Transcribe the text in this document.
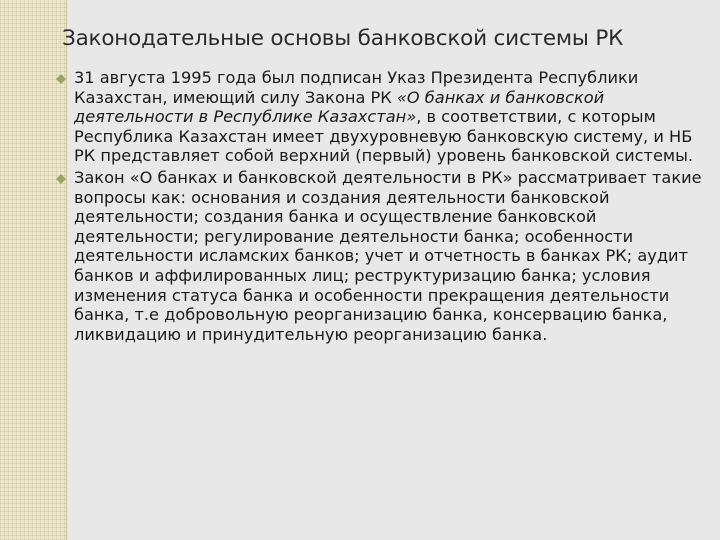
Законодательные основы банковской системы РК

31 августа 1995 года был подписан Указ Президента Республики Казахстан, имеющий силу Закона РК «О банках и банковской деятельности в Республике Казахстан», в соответствии, с которым Республика Казахстан имеет двухуровневую банковскую систему, и НБ РК представляет собой верхний (первый) уровень банковской системы.

Закон «О банках и банковской деятельности в РК» рассматривает такие вопросы как: основания и создания деятельности банковской деятельности; создания банка и осуществление банковской деятельности; регулирование деятельности банка; особенности деятельности исламских банков; учет и отчетность в банках РК; аудит банков и аффилированных лиц; реструктуризацию банка; условия изменения статуса банка и особенности прекращения деятельности банка, т.е добровольную реорганизацию банка, консервацию банка, ликвидацию и принудительную реорганизацию банка.
